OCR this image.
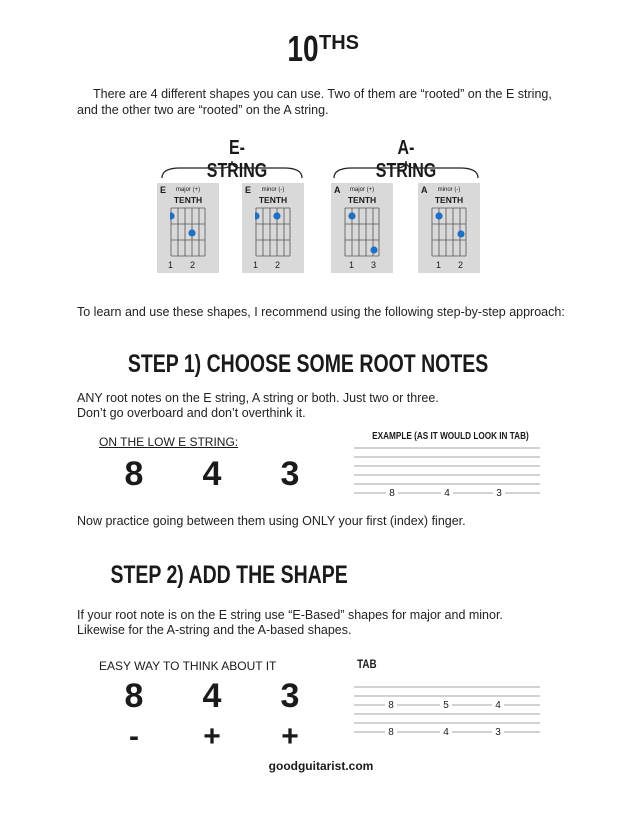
10THS
There are 4 different shapes you can use. Two of them are “rooted” on the E string,
and the other two are “rooted” on the A string.
E-STRING
A-STRING
E	major (+)
TENTH
1 2
E	minor (-)
TENTH
1 2
A	major (+)
TENTH
1 3
A	minor (-)
TENTH
1 2
To learn and use these shapes, I recommend using the following step-by-step approach:
STEP 1) CHOOSE SOME ROOT NOTES
ANY root notes on the E string, A string or both. Just two or three.
Don’t go overboard and don’t overthink it.
ON THE LOW E STRING:
8	4	3
EXAMPLE (AS IT WOULD LOOK IN TAB)
8	4	3
Now practice going between them using ONLY your first (index) finger.
STEP 2) ADD THE SHAPE
If your root note is on the E string use “E-Based” shapes for major and minor.
Likewise for the A-string and the A-based shapes.
EASY WAY TO THINK ABOUT IT
8	4	3
-	+	+
TAB
8	5	4
8	4	3
goodguitarist.com
